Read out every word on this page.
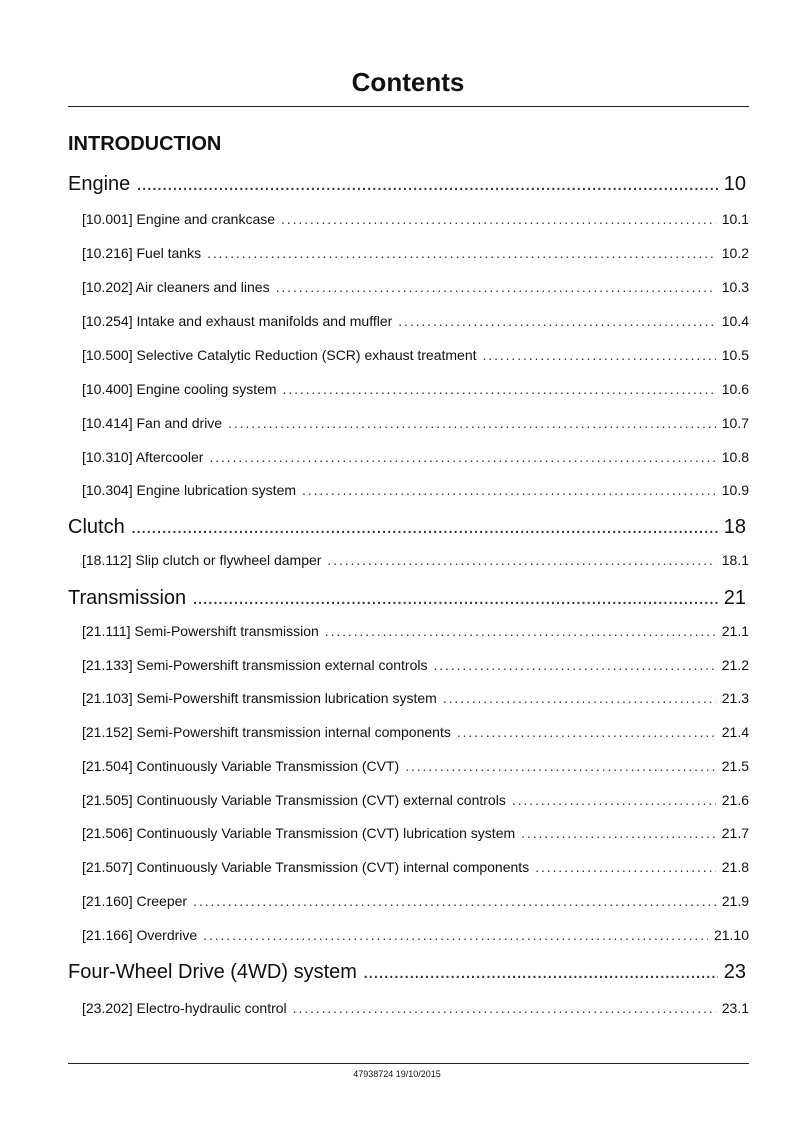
Contents
INTRODUCTION
Engine . . .	10
[10.001] Engine and crankcase . . .	10.1
[10.216] Fuel tanks . . .	10.2
[10.202] Air cleaners and lines . . .	10.3
[10.254] Intake and exhaust manifolds and muffler . . .	10.4
[10.500] Selective Catalytic Reduction (SCR) exhaust treatment . . .	10.5
[10.400] Engine cooling system . . .	10.6
[10.414] Fan and drive . . .	10.7
[10.310] Aftercooler . . .	10.8
[10.304] Engine lubrication system . . .	10.9
Clutch . . .	18
[18.112] Slip clutch or flywheel damper . . .	18.1
Transmission . . .	21
[21.111] Semi-Powershift transmission . . .	21.1
[21.133] Semi-Powershift transmission external controls . . .	21.2
[21.103] Semi-Powershift transmission lubrication system . . .	21.3
[21.152] Semi-Powershift transmission internal components . . .	21.4
[21.504] Continuously Variable Transmission (CVT) . . .	21.5
[21.505] Continuously Variable Transmission (CVT) external controls . . .	21.6
[21.506] Continuously Variable Transmission (CVT) lubrication system . . .	21.7
[21.507] Continuously Variable Transmission (CVT) internal components . . .	21.8
[21.160] Creeper . . .	21.9
[21.166] Overdrive . . .	21.10
Four-Wheel Drive (4WD) system . . .	23
[23.202] Electro-hydraulic control . . .	23.1
47938724 19/10/2015
